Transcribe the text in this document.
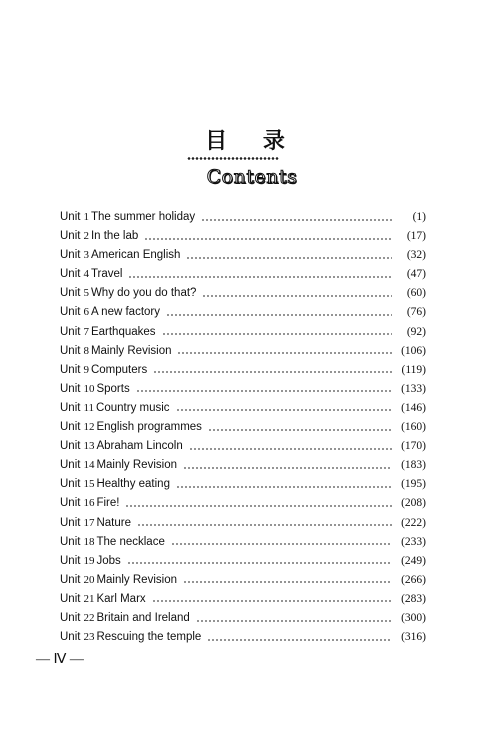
目 录
Contents
Unit 1 The summer holiday	(1)
Unit 2 In the lab	(17)
Unit 3 American English	(32)
Unit 4 Travel	(47)
Unit 5 Why do you do that?	(60)
Unit 6 A new factory	(76)
Unit 7 Earthquakes	(92)
Unit 8 Mainly Revision	(106)
Unit 9 Computers	(119)
Unit 10 Sports	(133)
Unit 11 Country music	(146)
Unit 12 English programmes	(160)
Unit 13 Abraham Lincoln	(170)
Unit 14 Mainly Revision	(183)
Unit 15 Healthy eating	(195)
Unit 16 Fire!	(208)
Unit 17 Nature	(222)
Unit 18 The necklace	(233)
Unit 19 Jobs	(249)
Unit 20 Mainly Revision	(266)
Unit 21 Karl Marx	(283)
Unit 22 Britain and Ireland	(300)
Unit 23 Rescuing the temple	(316)
— Ⅳ —
